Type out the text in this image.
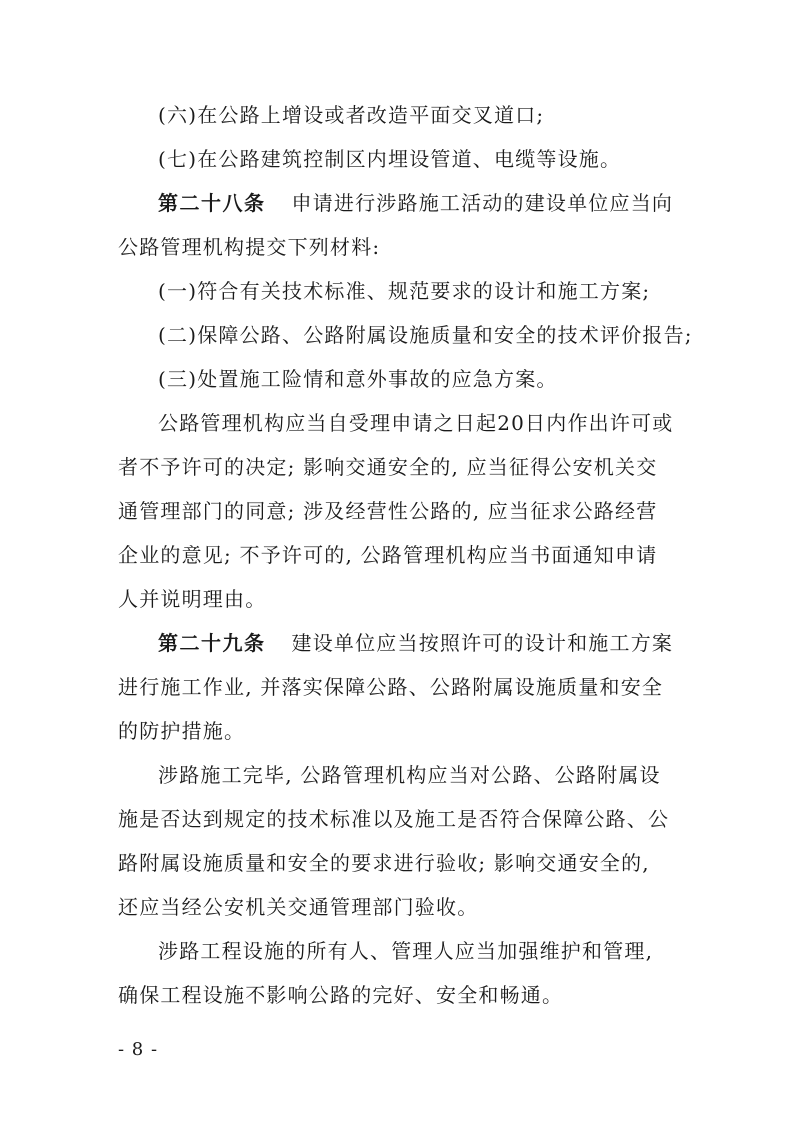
(六)在公路上增设或者改造平面交叉道口;
(七)在公路建筑控制区内埋设管道、电缆等设施。
第二十八条 申请进行涉路施工活动的建设单位应当向
公路管理机构提交下列材料:
(一)符合有关技术标准、规范要求的设计和施工方案;
(二)保障公路、公路附属设施质量和安全的技术评价报告;
(三)处置施工险情和意外事故的应急方案。
公路管理机构应当自受理申请之日起20日内作出许可或
者不予许可的决定; 影响交通安全的, 应当征得公安机关交
通管理部门的同意; 涉及经营性公路的, 应当征求公路经营
企业的意见; 不予许可的, 公路管理机构应当书面通知申请
人并说明理由。
第二十九条 建设单位应当按照许可的设计和施工方案
进行施工作业, 并落实保障公路、公路附属设施质量和安全
的防护措施。
涉路施工完毕, 公路管理机构应当对公路、公路附属设
施是否达到规定的技术标准以及施工是否符合保障公路、公
路附属设施质量和安全的要求进行验收; 影响交通安全的,
还应当经公安机关交通管理部门验收。
涉路工程设施的所有人、管理人应当加强维护和管理,
确保工程设施不影响公路的完好、安全和畅通。
- 8 -
